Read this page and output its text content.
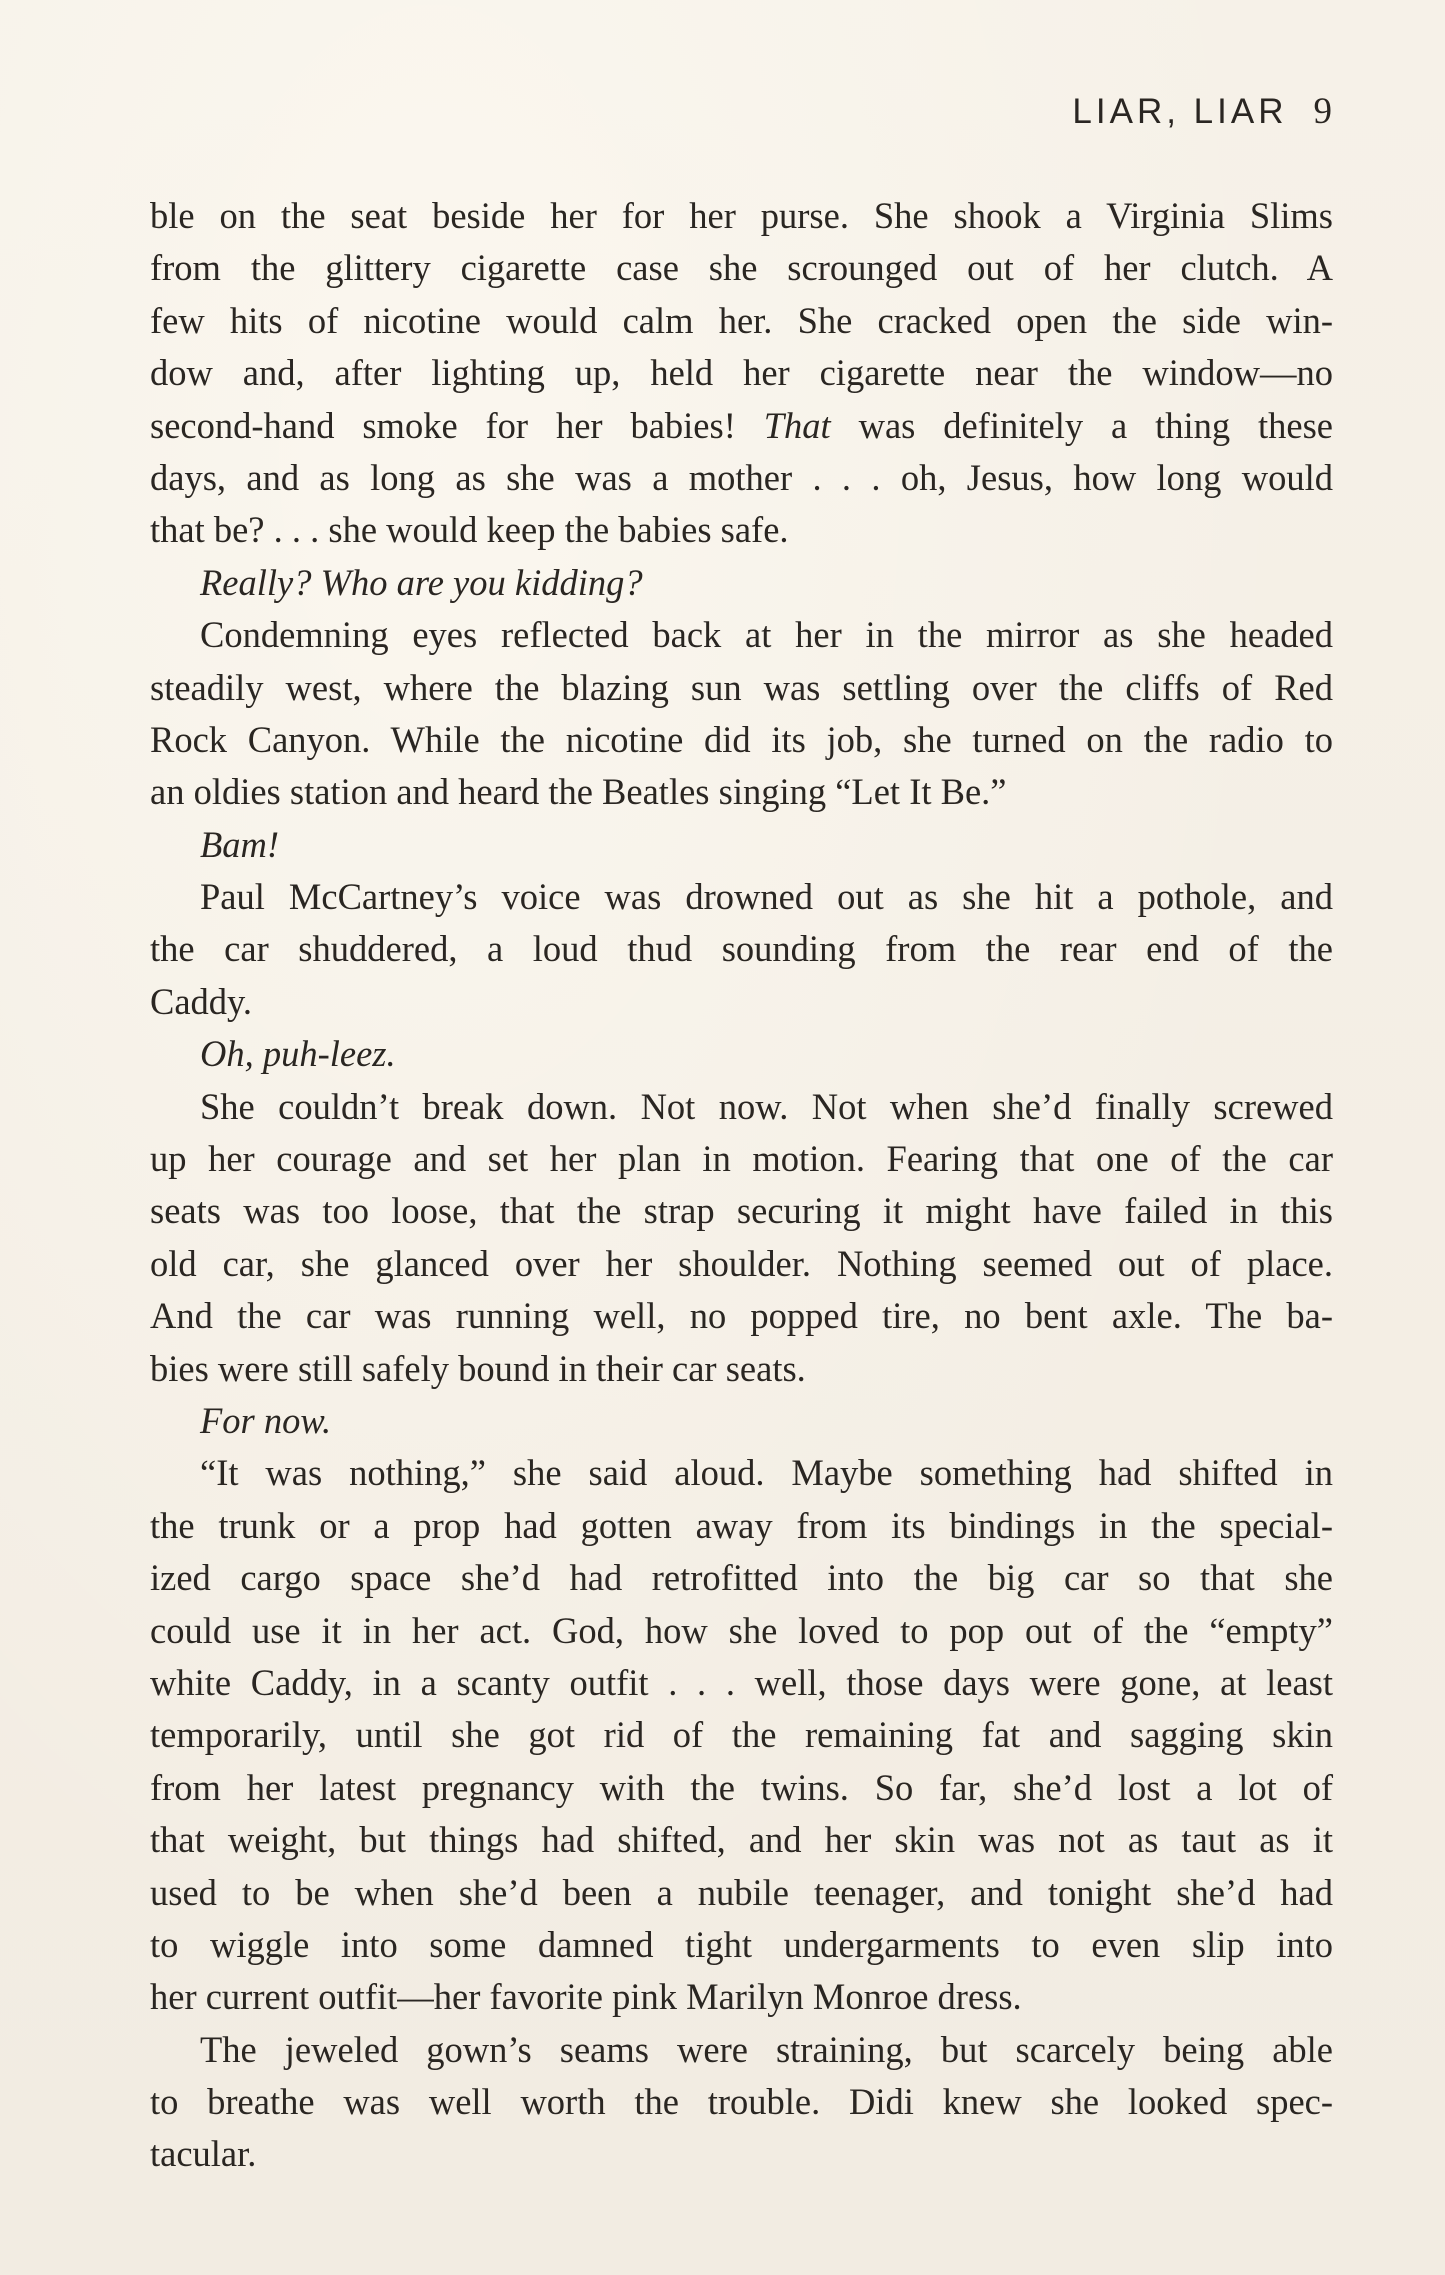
LIAR, LIAR 9
ble on the seat beside her for her purse. She shook a Virginia Slims
from the glittery cigarette case she scrounged out of her clutch. A
few hits of nicotine would calm her. She cracked open the side win-
dow and, after lighting up, held her cigarette near the window—no
second-hand smoke for her babies! That was definitely a thing these
days, and as long as she was a mother . . . oh, Jesus, how long would
that be? . . . she would keep the babies safe.
Really? Who are you kidding?
Condemning eyes reflected back at her in the mirror as she headed
steadily west, where the blazing sun was settling over the cliffs of Red
Rock Canyon. While the nicotine did its job, she turned on the radio to
an oldies station and heard the Beatles singing “Let It Be.”
Bam!
Paul McCartney’s voice was drowned out as she hit a pothole, and
the car shuddered, a loud thud sounding from the rear end of the
Caddy.
Oh, puh-leez.
She couldn’t break down. Not now. Not when she’d finally screwed
up her courage and set her plan in motion. Fearing that one of the car
seats was too loose, that the strap securing it might have failed in this
old car, she glanced over her shoulder. Nothing seemed out of place.
And the car was running well, no popped tire, no bent axle. The ba-
bies were still safely bound in their car seats.
For now.
“It was nothing,” she said aloud. Maybe something had shifted in
the trunk or a prop had gotten away from its bindings in the special-
ized cargo space she’d had retrofitted into the big car so that she
could use it in her act. God, how she loved to pop out of the “empty”
white Caddy, in a scanty outfit . . . well, those days were gone, at least
temporarily, until she got rid of the remaining fat and sagging skin
from her latest pregnancy with the twins. So far, she’d lost a lot of
that weight, but things had shifted, and her skin was not as taut as it
used to be when she’d been a nubile teenager, and tonight she’d had
to wiggle into some damned tight undergarments to even slip into
her current outfit—her favorite pink Marilyn Monroe dress.
The jeweled gown’s seams were straining, but scarcely being able
to breathe was well worth the trouble. Didi knew she looked spec-
tacular.
